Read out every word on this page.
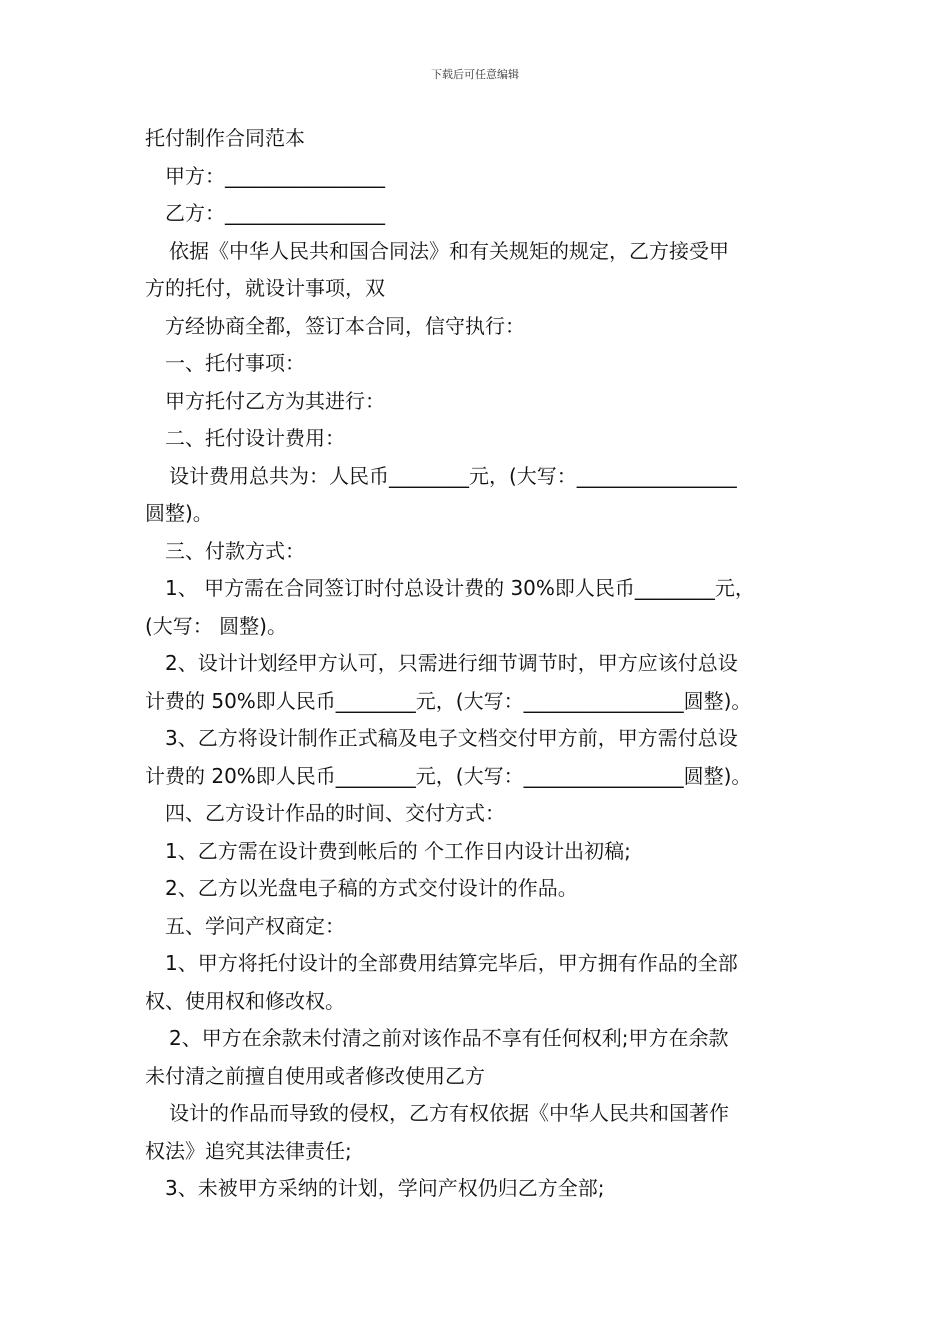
下载后可任意编辑

托付制作合同范本

甲方：________________

乙方：________________

依据《中华人民共和国合同法》和有关规矩的规定，乙方接受甲

方的托付，就设计事项，双

方经协商全都，签订本合同，信守执行：

一、托付事项：

甲方托付乙方为其进行：

二、托付设计费用：

设计费用总共为：人民币________元，(大写：________________

圆整)。

三、付款方式：

1、 甲方需在合同签订时付总设计费的 30%即人民币________元，

(大写： 圆整)。

2、设计计划经甲方认可，只需进行细节调节时，甲方应该付总设

计费的 50%即人民币________元，(大写：________________圆整)。

3、乙方将设计制作正式稿及电子文档交付甲方前，甲方需付总设

计费的 20%即人民币________元，(大写：________________圆整)。

四、乙方设计作品的时间、交付方式：

1、乙方需在设计费到帐后的 个工作日内设计出初稿;

2、乙方以光盘电子稿的方式交付设计的作品。

五、学问产权商定：

1、甲方将托付设计的全部费用结算完毕后，甲方拥有作品的全部

权、使用权和修改权。

2、甲方在余款未付清之前对该作品不享有任何权利;甲方在余款

未付清之前擅自使用或者修改使用乙方

设计的作品而导致的侵权，乙方有权依据《中华人民共和国著作

权法》追究其法律责任;

3、未被甲方采纳的计划，学问产权仍归乙方全部;
